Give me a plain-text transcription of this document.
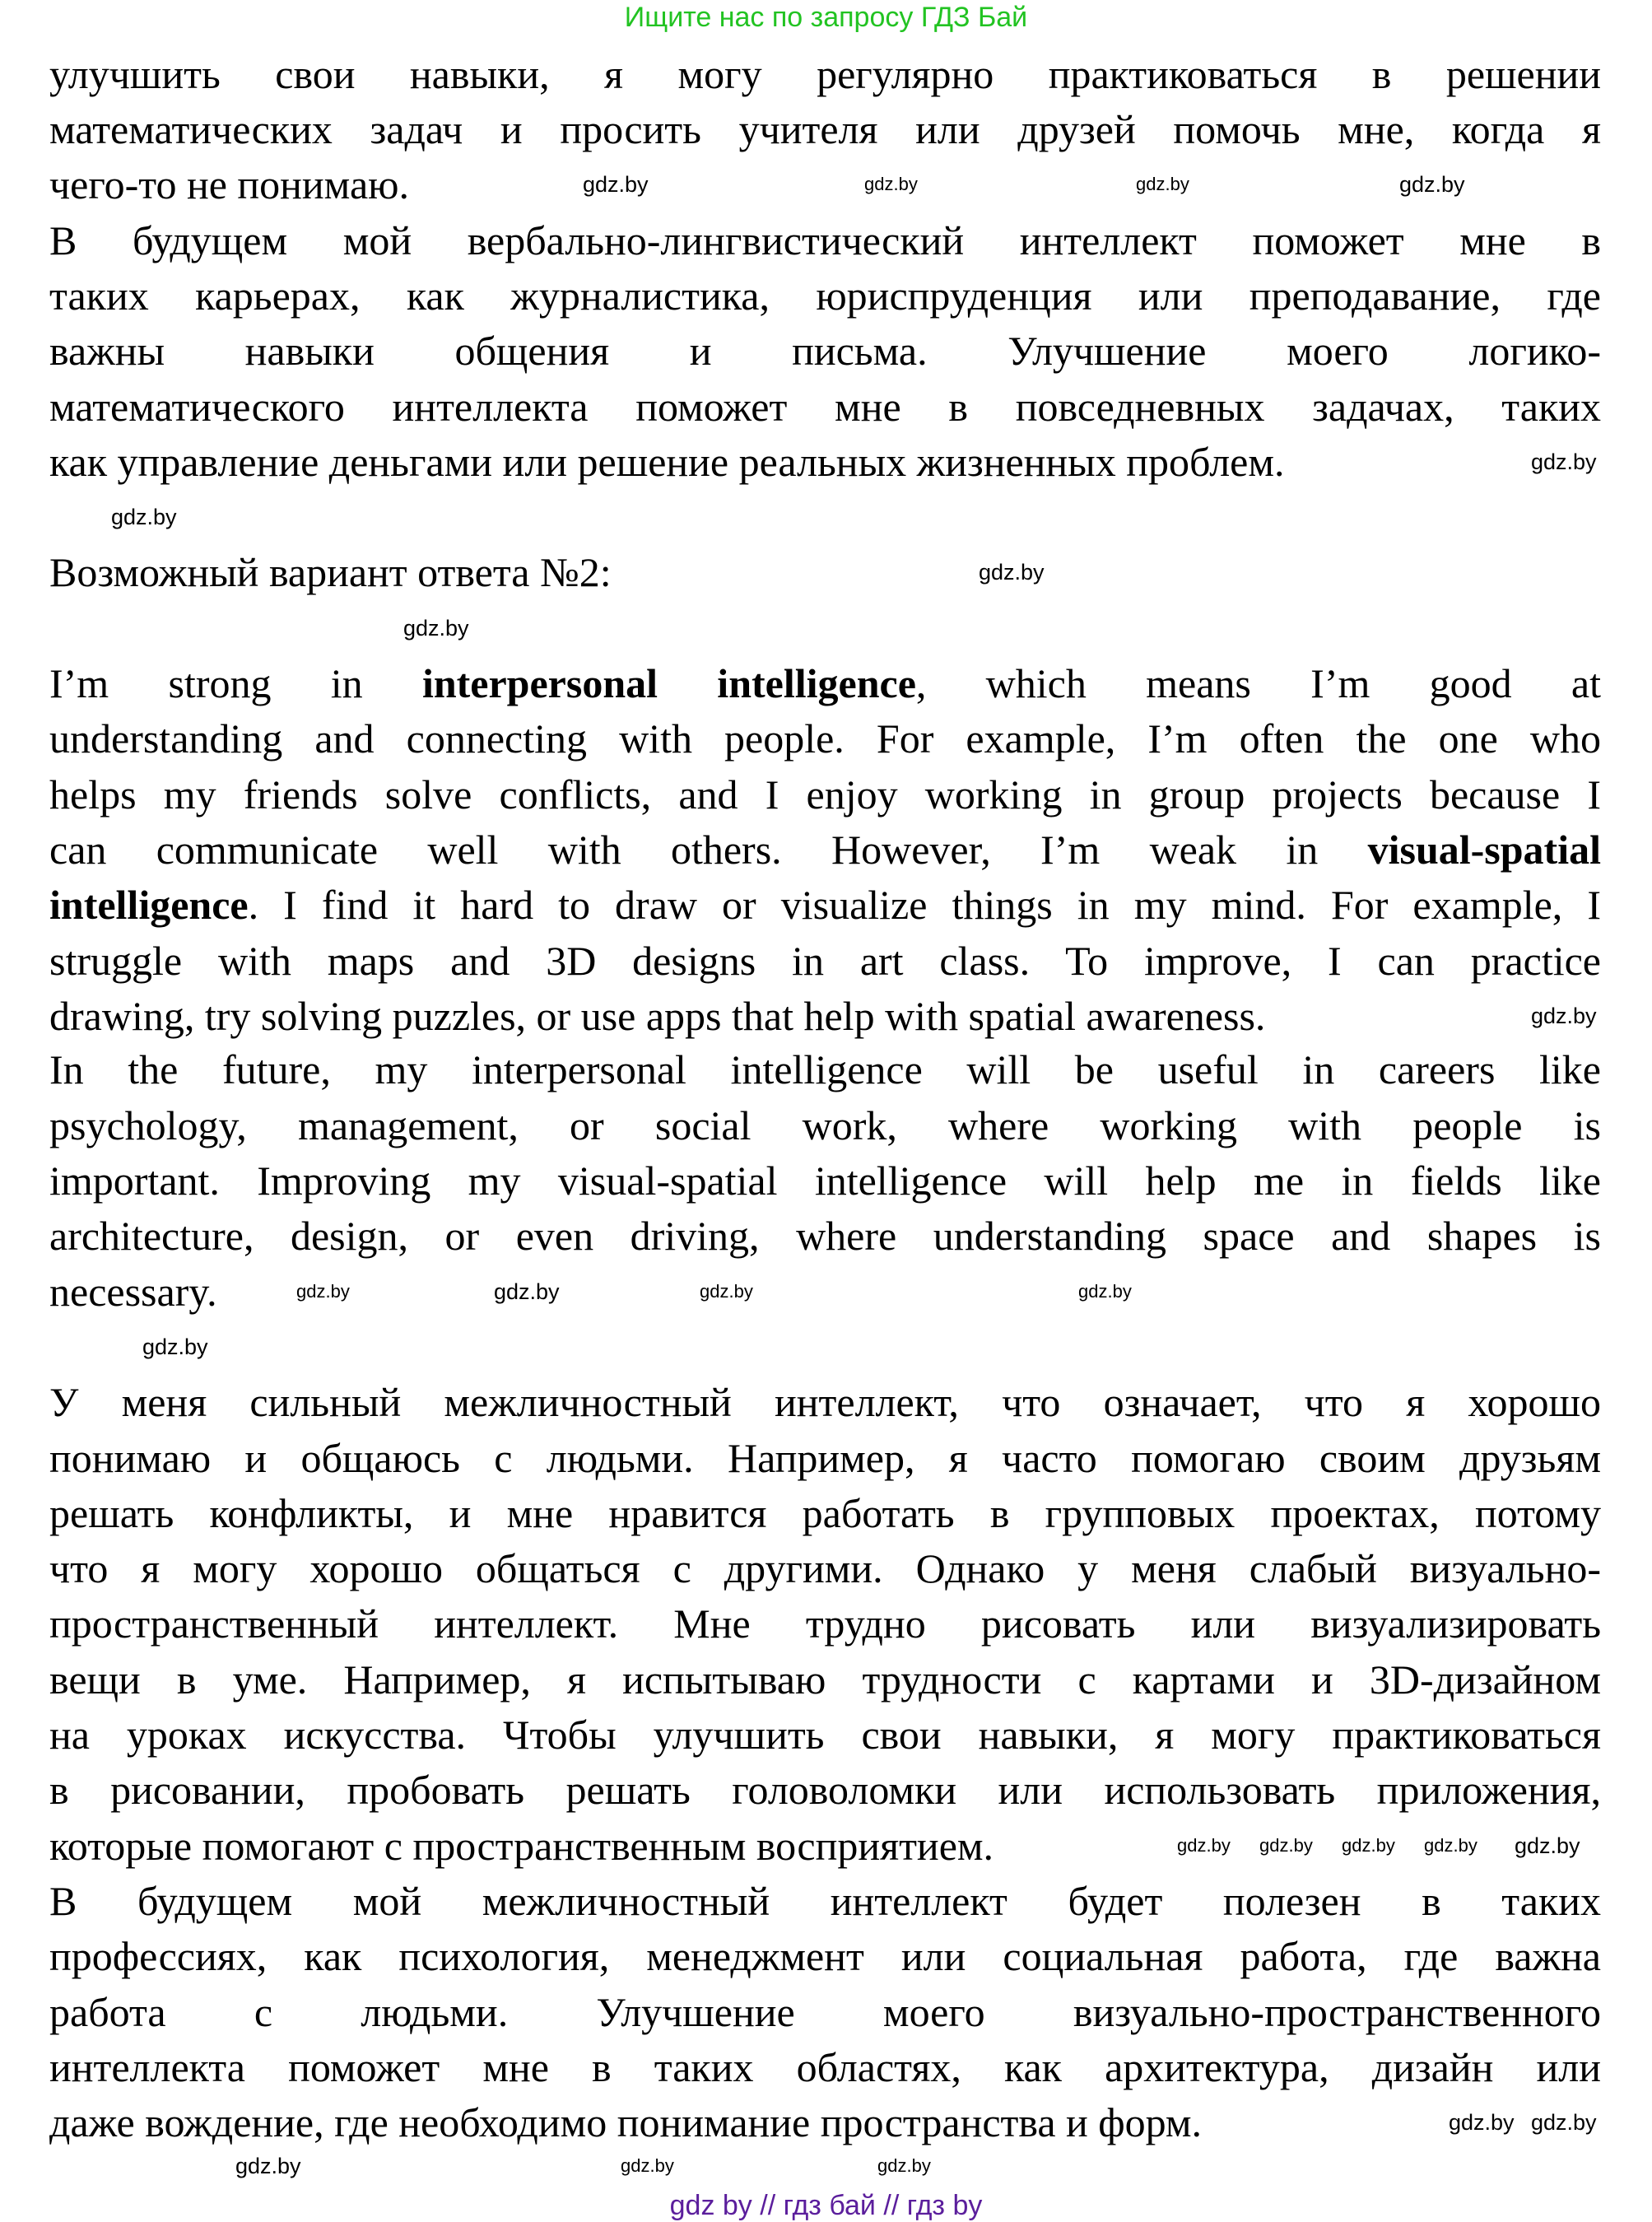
Ищите нас по запросу ГДЗ Бай
улучшить свои навыки, я могу регулярно практиковаться в решении
математических задач и просить учителя или друзей помочь мне, когда я
чего-то не понимаю.
В будущем мой вербально-лингвистический интеллект поможет мне в
таких карьерах, как журналистика, юриспруденция или преподавание, где
важны навыки общения и письма. Улучшение моего логико-
математического интеллекта поможет мне в повседневных задачах, таких
как управление деньгами или решение реальных жизненных проблем.
Возможный вариант ответа №2:
I’m strong in interpersonal intelligence, which means I’m good at
understanding and connecting with people. For example, I’m often the one who
helps my friends solve conflicts, and I enjoy working in group projects because I
can communicate well with others. However, I’m weak in visual-spatial
intelligence. I find it hard to draw or visualize things in my mind. For example, I
struggle with maps and 3D designs in art class. To improve, I can practice
drawing, try solving puzzles, or use apps that help with spatial awareness.
In the future, my interpersonal intelligence will be useful in careers like
psychology, management, or social work, where working with people is
important. Improving my visual-spatial intelligence will help me in fields like
architecture, design, or even driving, where understanding space and shapes is
necessary.
У меня сильный межличностный интеллект, что означает, что я хорошо
понимаю и общаюсь с людьми. Например, я часто помогаю своим друзьям
решать конфликты, и мне нравится работать в групповых проектах, потому
что я могу хорошо общаться с другими. Однако у меня слабый визуально-
пространственный интеллект. Мне трудно рисовать или визуализировать
вещи в уме. Например, я испытываю трудности с картами и 3D-дизайном
на уроках искусства. Чтобы улучшить свои навыки, я могу практиковаться
в рисовании, пробовать решать головоломки или использовать приложения,
которые помогают с пространственным восприятием.
В будущем мой межличностный интеллект будет полезен в таких
профессиях, как психология, менеджмент или социальная работа, где важна
работа с людьми. Улучшение моего визуально-пространственного
интеллекта поможет мне в таких областях, как архитектура, дизайн или
даже вождение, где необходимо понимание пространства и форм.
gdz.by
gdz.by
gdz.by	gdz.by
gdz.by
gdz.by
gdz.by
gdz.by
gdz.by
gdz.by
gdz.by
gdz.by
gdz.by
gdz.by
gdz.by gdz.by gdz.by gdz.by gdz.by
gdz.by
gdz.by
gdz.by
gdz.by
gdz.by
gdz by // гдз бай // гдз by
